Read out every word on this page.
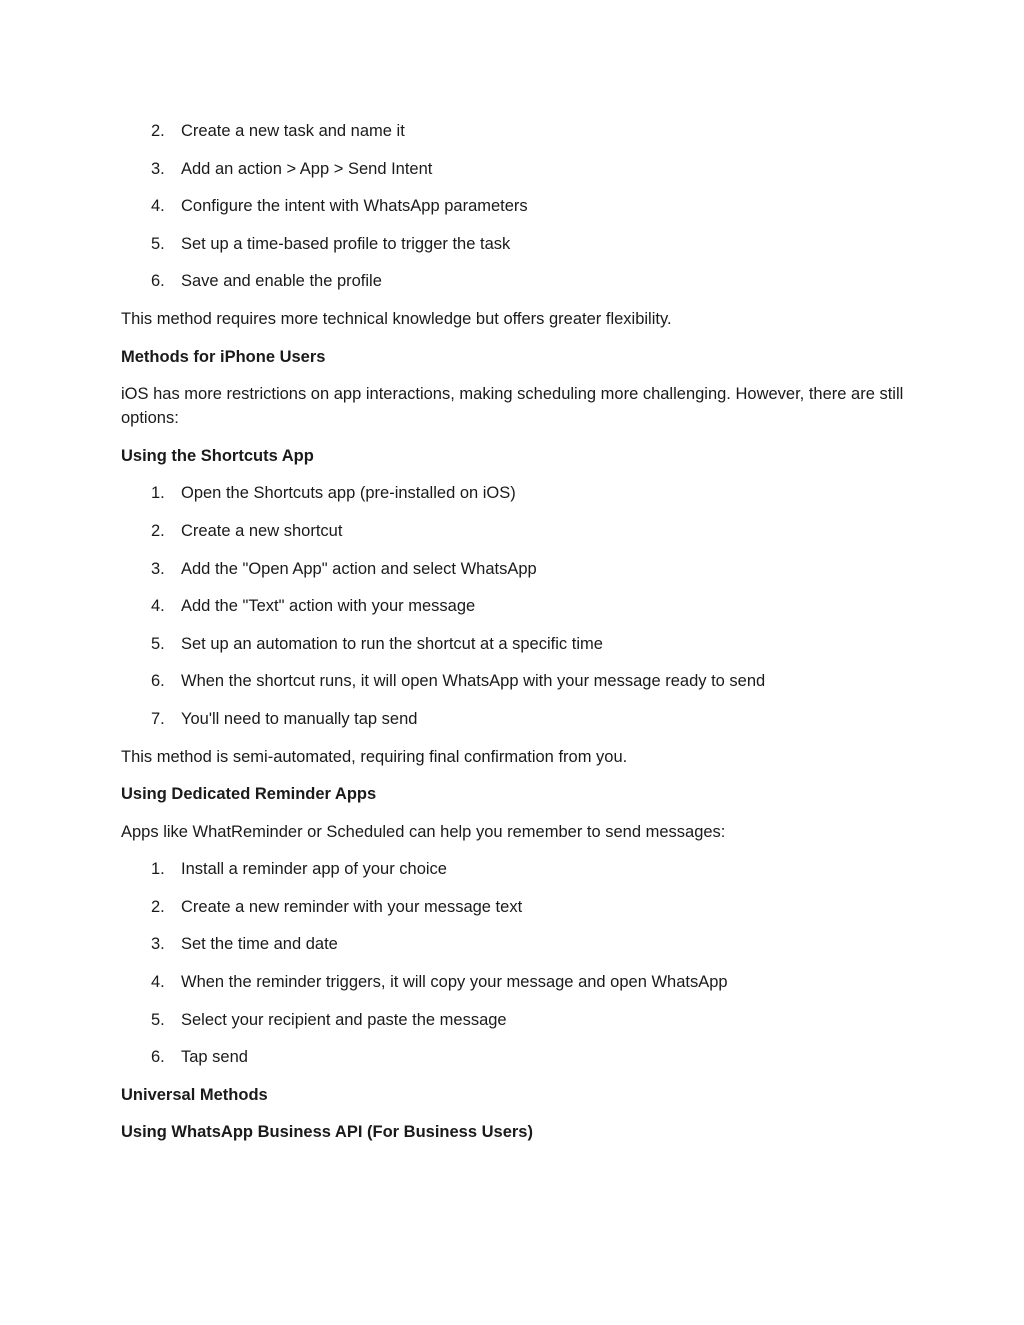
2. Create a new task and name it
3. Add an action > App > Send Intent
4. Configure the intent with WhatsApp parameters
5. Set up a time-based profile to trigger the task
6. Save and enable the profile

This method requires more technical knowledge but offers greater flexibility.

Methods for iPhone Users

iOS has more restrictions on app interactions, making scheduling more challenging. However, there are still options:

Using the Shortcuts App

1. Open the Shortcuts app (pre-installed on iOS)
2. Create a new shortcut
3. Add the "Open App" action and select WhatsApp
4. Add the "Text" action with your message
5. Set up an automation to run the shortcut at a specific time
6. When the shortcut runs, it will open WhatsApp with your message ready to send
7. You'll need to manually tap send

This method is semi-automated, requiring final confirmation from you.

Using Dedicated Reminder Apps

Apps like WhatReminder or Scheduled can help you remember to send messages:

1. Install a reminder app of your choice
2. Create a new reminder with your message text
3. Set the time and date
4. When the reminder triggers, it will copy your message and open WhatsApp
5. Select your recipient and paste the message
6. Tap send

Universal Methods

Using WhatsApp Business API (For Business Users)
